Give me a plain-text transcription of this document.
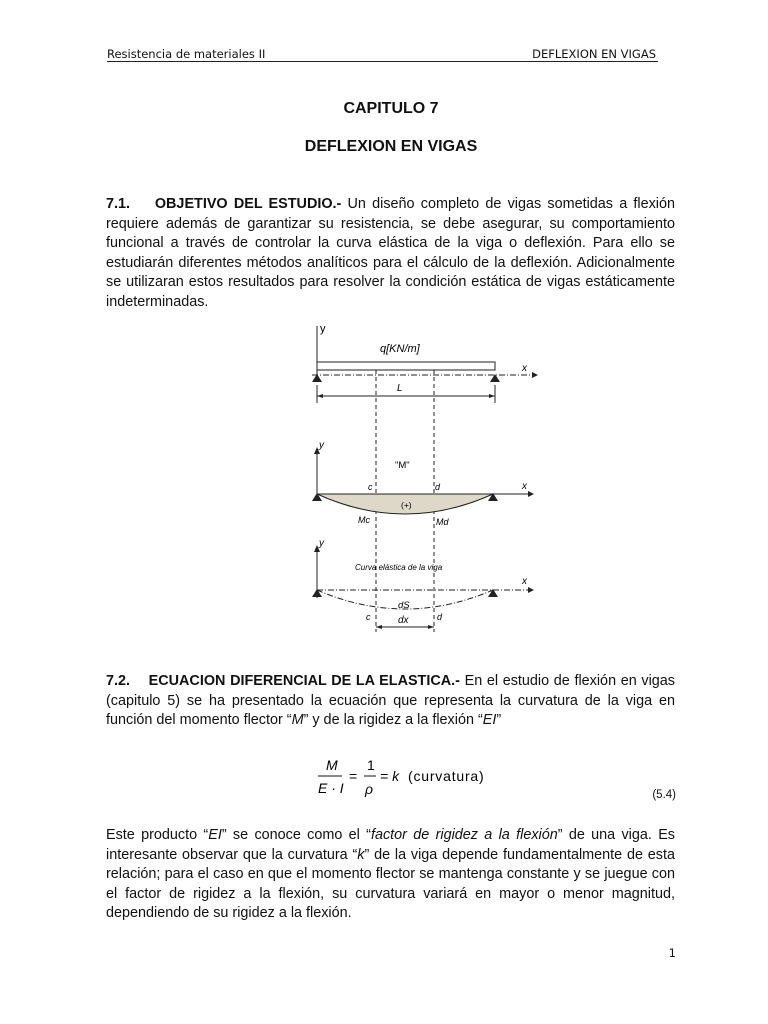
Resistencia de materiales II	DEFLEXION EN VIGAS
CAPITULO 7
DEFLEXION EN VIGAS
7.1.    OBJETIVO DEL ESTUDIO.- Un diseño completo de vigas sometidas a flexión requiere además de garantizar su resistencia, se debe asegurar, su comportamiento funcional a través de controlar la curva elástica de la viga o deflexión. Para ello se estudiarán diferentes métodos analíticos para el cálculo de la deflexión. Adicionalmente se utilizaran estos resultados para resolver la condición estática de vigas estáticamente indeterminadas.
y
x
q[KN/m]
L
y
x
"M"
c	d
(+)
Mc	Md
y
x
Curva elástica de la viga
dS
c	d
dx
7.2.    ECUACION DIFERENCIAL DE LA ELASTICA.- En el estudio de flexión en vigas (capitulo 5) se ha presentado la ecuación que representa la curvatura de la viga en función del momento flector “M” y de la rigidez a la flexión “EI”
M
E · I
=
1
ρ
= k (curvatura)
(5.4)
Este producto “EI” se conoce como el “factor de rigidez a la flexión” de una viga. Es interesante observar que la curvatura “k” de la viga depende fundamentalmente de esta relación; para el caso en que el momento flector se mantenga constante y se juegue con el factor de rigidez a la flexión, su curvatura variará en mayor o menor magnitud, dependiendo de su rigidez a la flexión.
1
